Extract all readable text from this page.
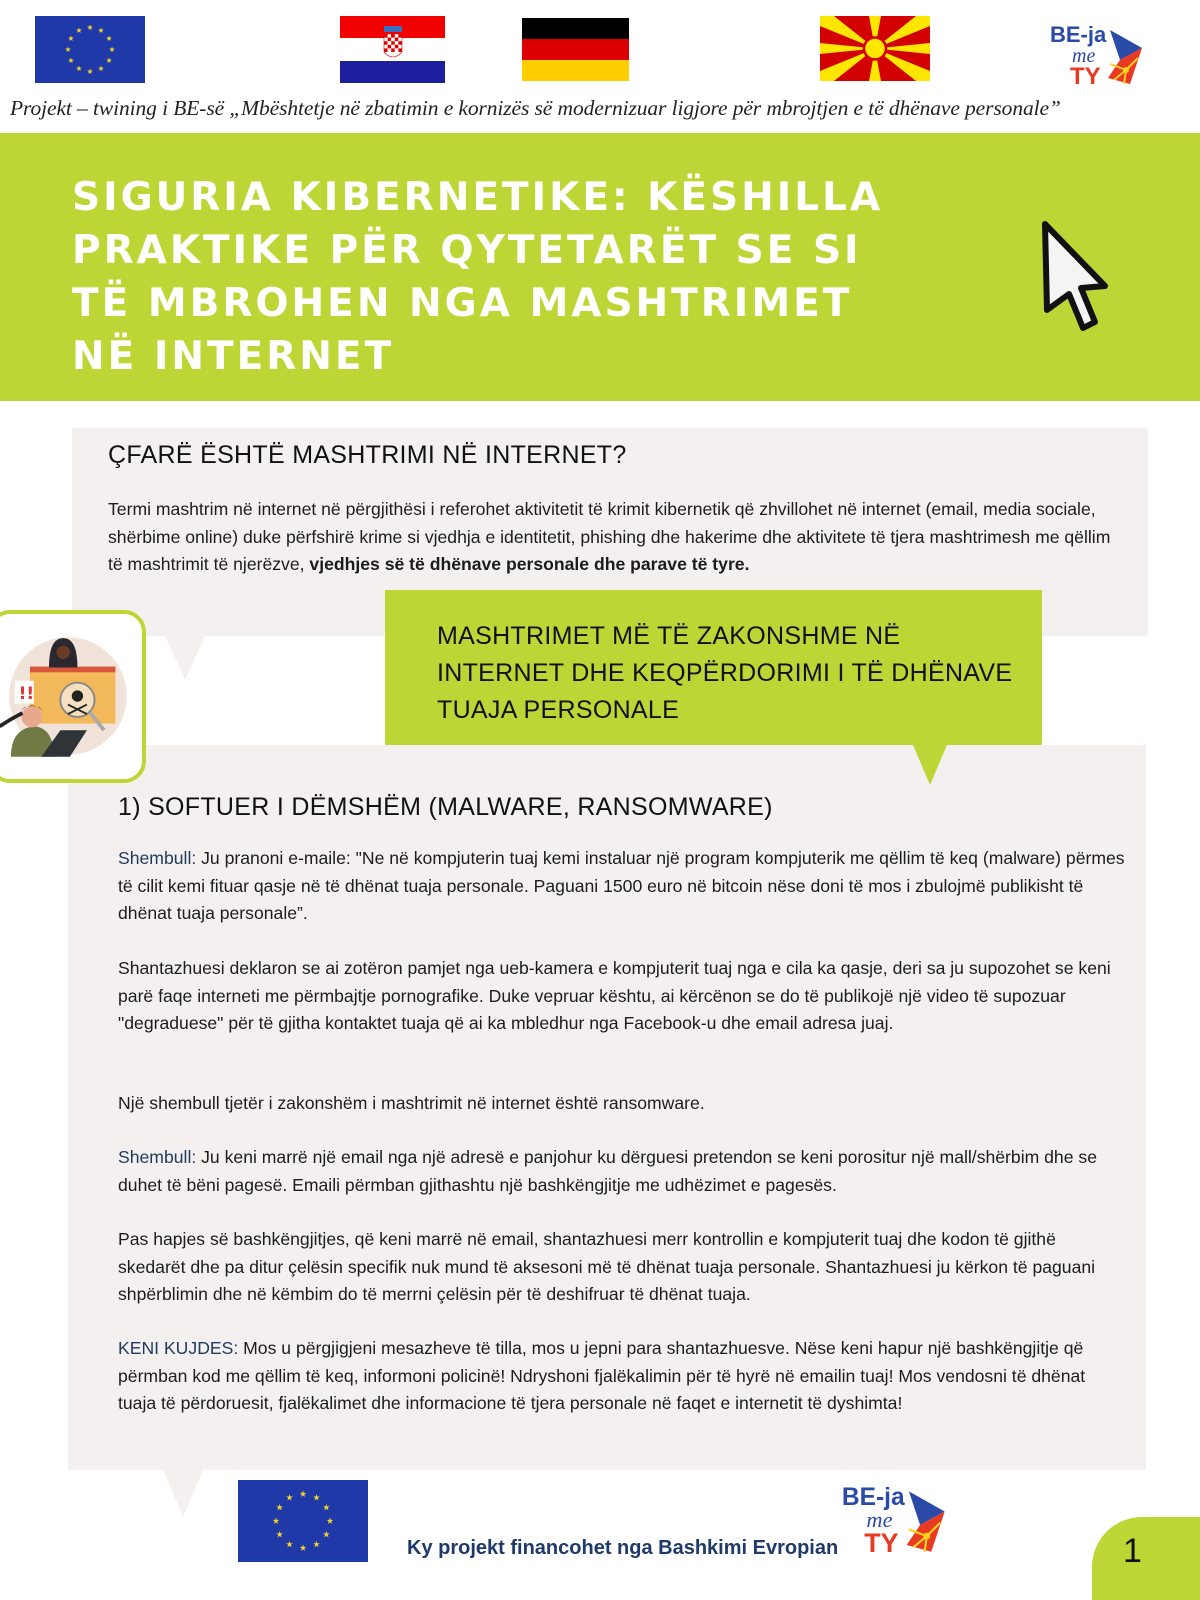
BE-ja
me
TY
Projekt – twining i BE-së „Mbështetje në zbatimin e kornizës së modernizuar ligjore për mbrojtjen e të dhënave personale”
SIGURIA KIBERNETIKE: KËSHILLA
PRAKTIKE PËR QYTETARËT SE SI
TË MBROHEN NGA MASHTRIMET
NË INTERNET
ÇFARË ËSHTË MASHTRIMI NË INTERNET?
Termi mashtrim në internet në përgjithësi i referohet aktivitetit të krimit kibernetik që zhvillohet në internet (email, media sociale, shërbime online) duke përfshirë krime si vjedhja e identitetit, phishing dhe hakerime dhe aktivitete të tjera mashtrimesh me qëllim të mashtrimit të njerëzve, vjedhjes së të dhënave personale dhe parave të tyre.
1) SOFTUER I DËMSHËM (MALWARE, RANSOMWARE)
Shembull: Ju pranoni e-maile: "Ne në kompjuterin tuaj kemi instaluar një program kompjuterik me qëllim të keq (malware) përmes të cilit kemi fituar qasje në të dhënat tuaja personale. Paguani 1500 euro në bitcoin nëse doni të mos i zbulojmë publikisht të dhënat tuaja personale”.
Shantazhuesi deklaron se ai zotëron pamjet nga ueb-kamera e kompjuterit tuaj nga e cila ka qasje, deri sa ju supozohet se keni parë faqe interneti me përmbajtje pornografike. Duke vepruar kështu, ai kërcënon se do të publikojë një video të supozuar "degraduese" për të gjitha kontaktet tuaja që ai ka mbledhur nga Facebook-u dhe email adresa juaj.
Një shembull tjetër i zakonshëm i mashtrimit në internet është ransomware.
Shembull: Ju keni marrë një email nga një adresë e panjohur ku dërguesi pretendon se keni porositur një mall/shërbim dhe se duhet të bëni pagesë. Emaili përmban gjithashtu një bashkëngjitje me udhëzimet e pagesës.
Pas hapjes së bashkëngjitjes, që keni marrë në email, shantazhuesi merr kontrollin e kompjuterit tuaj dhe kodon të gjithë skedarët dhe pa ditur çelësin specifik nuk mund të aksesoni më të dhënat tuaja personale. Shantazhuesi ju kërkon të paguani shpërblimin dhe në këmbim do të merrni çelësin për të deshifruar të dhënat tuaja.
KENI KUJDES: Mos u përgjigjeni mesazheve të tilla, mos u jepni para shantazhuesve. Nëse keni hapur një bashkëngjitje që përmban kod me qëllim të keq, informoni policinë! Ndryshoni fjalëkalimin për të hyrë në emailin tuaj! Mos vendosni të dhënat tuaja të përdoruesit, fjalëkalimet dhe informacione të tjera personale në faqet e internetit të dyshimta!
MASHTRIMET MË TË ZAKONSHME NË
INTERNET DHE KEQPËRDORIMI I TË DHËNAVE
TUAJA PERSONALE
!!
Ky projekt financohet nga Bashkimi Evropian
BE-ja
me
TY	1
